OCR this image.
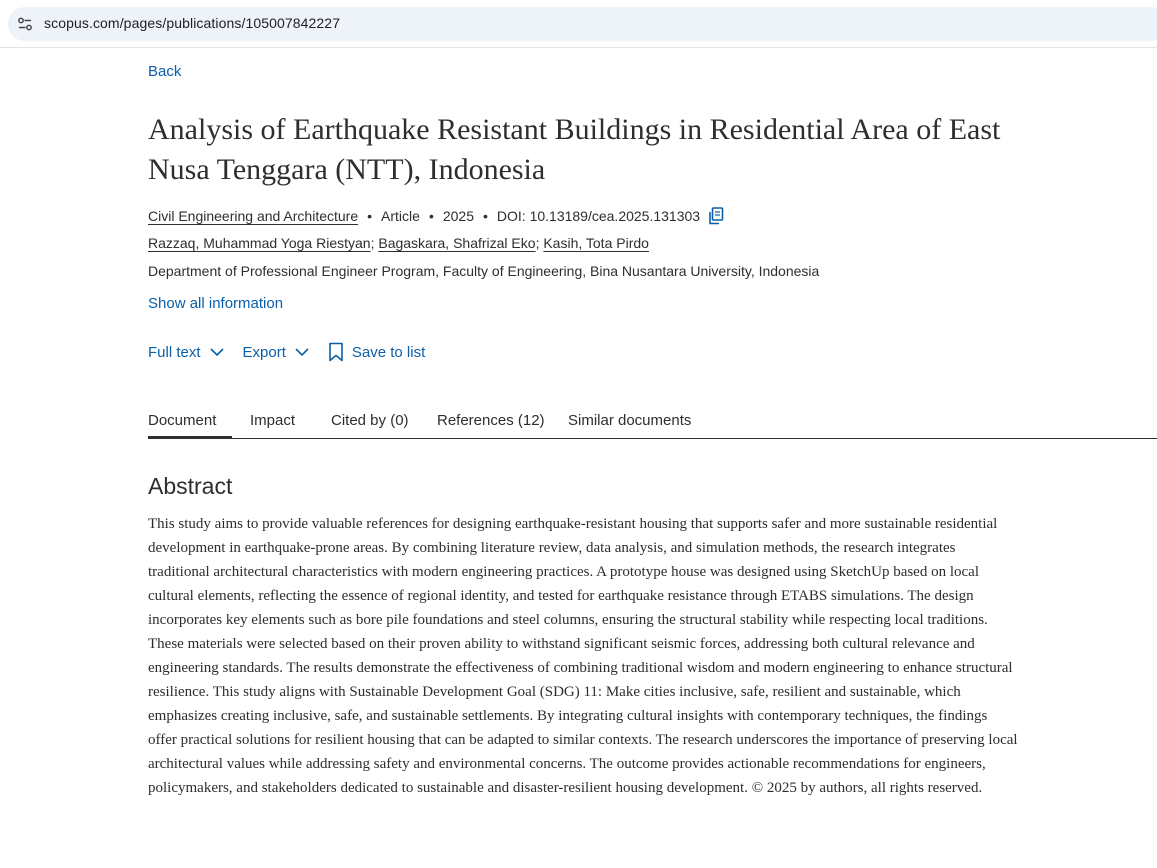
scopus.com/pages/publications/105007842227
Back
Analysis of Earthquake Resistant Buildings in Residential Area of East Nusa Tenggara (NTT), Indonesia
Civil Engineering and Architecture • Article • 2025 • DOI: 10.13189/cea.2025.131303
Razzaq, Muhammad Yoga Riestyan; Bagaskara, Shafrizal Eko; Kasih, Tota Pirdo
Department of Professional Engineer Program, Faculty of Engineering, Bina Nusantara University, Indonesia
Show all information
Full text	Export	Save to list
Document Impact Cited by (0) References (12) Similar documents
Abstract

This study aims to provide valuable references for designing earthquake-resistant housing that supports safer and more sustainable residential development in earthquake-prone areas. By combining literature review, data analysis, and simulation methods, the research integrates traditional architectural characteristics with modern engineering practices. A prototype house was designed using SketchUp based on local cultural elements, reflecting the essence of regional identity, and tested for earthquake resistance through ETABS simulations. The design incorporates key elements such as bore pile foundations and steel columns, ensuring the structural stability while respecting local traditions. These materials were selected based on their proven ability to withstand significant seismic forces, addressing both cultural relevance and engineering standards. The results demonstrate the effectiveness of combining traditional wisdom and modern engineering to enhance structural resilience. This study aligns with Sustainable Development Goal (SDG) 11: Make cities inclusive, safe, resilient and sustainable, which emphasizes creating inclusive, safe, and sustainable settlements. By integrating cultural insights with contemporary techniques, the findings offer practical solutions for resilient housing that can be adapted to similar contexts. The research underscores the importance of preserving local architectural values while addressing safety and environmental concerns. The outcome provides actionable recommendations for engineers, policymakers, and stakeholders dedicated to sustainable and disaster-resilient housing development. © 2025 by authors, all rights reserved.
